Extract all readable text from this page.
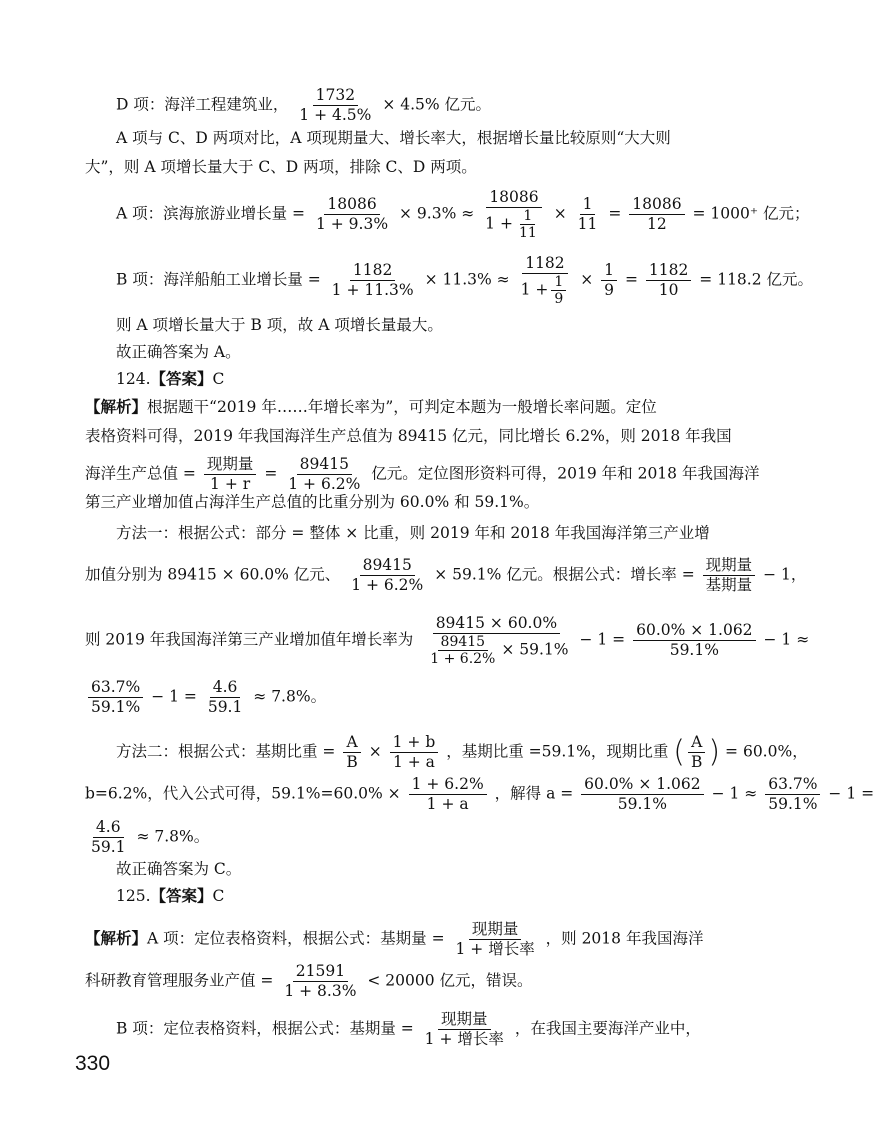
D 项：海洋工程建筑业， $\frac{1732}{1 + 4.5\%} \times 4.5\%$ 亿元。
A 项与 C、D 两项对比，A 项现期量大、增长率大，根据增长量比较原则“大大则
大”，则 A 项增长量大于 C、D 两项，排除 C、D 两项。
A 项：滨海旅游业增长量 = $\frac{18086}{1 + 9.3\%} \times 9.3\% \approx \frac{18086}{1 + \frac{1}{11}} \times \frac{1}{11} = \frac{18086}{12} = 1000^+$ 亿元；
B 项：海洋船舶工业增长量 = $\frac{1182}{1 + 11.3\%} \times 11.3\% \approx \frac{1182}{1 + \frac{1}{9}} \times \frac{1}{9} = \frac{1182}{10} = 118.2$ 亿元。
则 A 项增长量大于 B 项，故 A 项增长量最大。
故正确答案为 A。
124.【答案】C
【解析】根据题干“2019 年……年增长率为”，可判定本题为一般增长率问题。定位
表格资料可得，2019 年我国海洋生产总值为 89415 亿元，同比增长 6.2%，则 2018 年我国
海洋生产总值 = $\frac{\text{现期量}}{1 + r} = \frac{89415}{1 + 6.2\%}$ 亿元。定位图形资料可得，2019 年和 2018 年我国海洋
第三产业增加值占海洋生产总值的比重分别为 60.0% 和 59.1%。
方法一：根据公式：部分 = 整体 × 比重，则 2019 年和 2018 年我国海洋第三产业增
加值分别为 89415 × 60.0% 亿元、 $\frac{89415}{1 + 6.2\%} \times 59.1\%$ 亿元。根据公式：增长率 = $\frac{\text{现期量}}{\text{基期量}} - 1$，
则 2019 年我国海洋第三产业增加值年增长率为 $\frac{89415 \times 60.0\%}{\frac{89415}{1 + 6.2\%} \times 59.1\%} - 1 = \frac{60.0\% \times 1.062}{59.1\%} - 1$ ≈
$\frac{63.7\%}{59.1\%} - 1 = \frac{4.6}{59.1} \approx 7.8\%$。
方法二：根据公式：基期比重 = $\frac{A}{B} \times \frac{1 + b}{1 + a}$ ，基期比重 =59.1%，现期比重 ( $\frac{A}{B}$ ) = 60.0%，
b=6.2%，代入公式可得，$59.1\%=60.0\% \times \frac{1 + 6.2\%}{1 + a}$ ，解得 $a = \frac{60.0\% \times 1.062}{59.1\%} - 1 \approx \frac{63.7\%}{59.1\%} - 1$ =
$\frac{4.6}{59.1} \approx 7.8\%$。
故正确答案为 C。
125.【答案】C
【解析】A 项：定位表格资料，根据公式：基期量 = $\frac{\text{现期量}}{\text{1 + 增长率}}$ ，则 2018 年我国海洋
科研教育管理服务业产值 = $\frac{21591}{1 + 8.3\%} < 20000$ 亿元，错误。
B 项：定位表格资料，根据公式：基期量 = $\frac{\text{现期量}}{\text{1 + 增长率}}$ ，在我国主要海洋产业中，
330
